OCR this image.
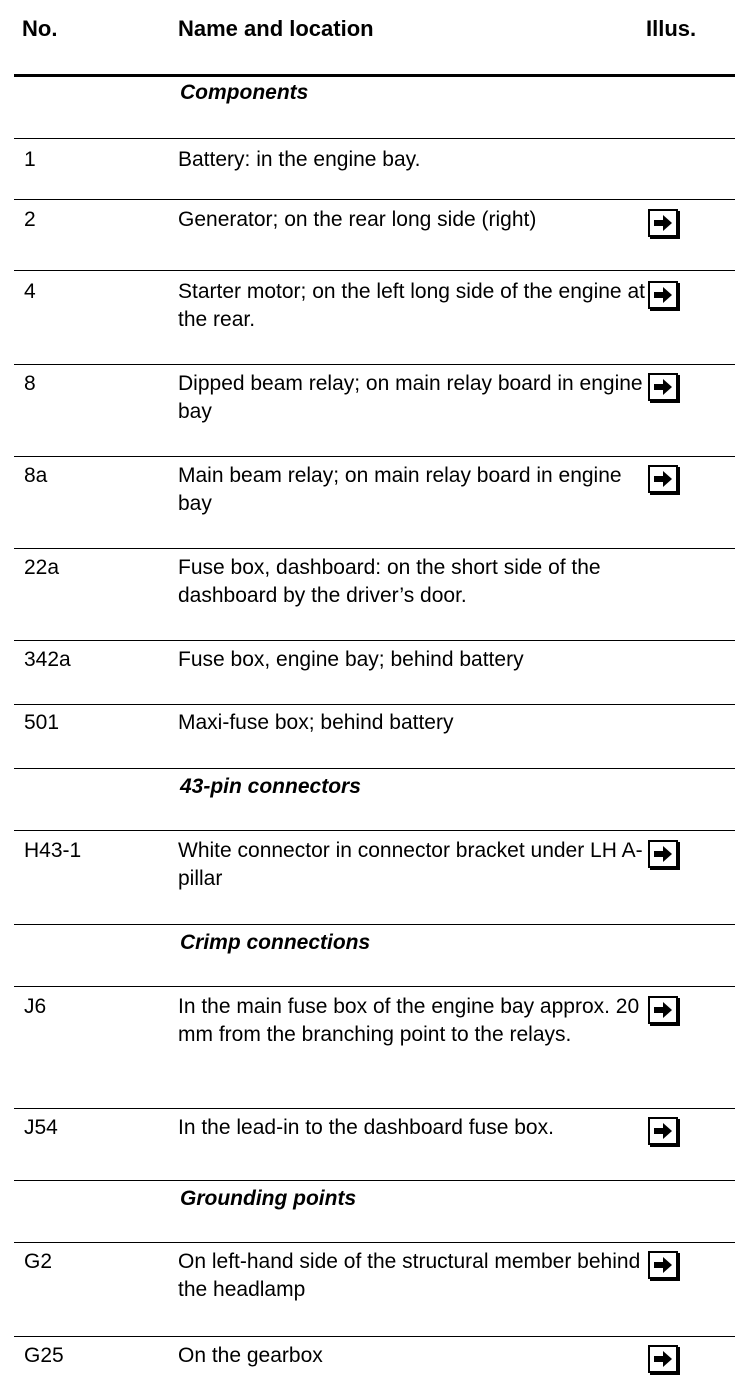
No.	Name and location	Illus.
Components
1	Battery: in the engine bay.
2	Generator; on the rear long side (right)
4	Starter motor; on the left long side of the engine at the rear.
8	Dipped beam relay; on main relay board in engine bay
8a	Main beam relay; on main relay board in engine bay
22a	Fuse box, dashboard: on the short side of the dashboard by the driver’s door.
342a	Fuse box, engine bay; behind battery
501	Maxi-fuse box; behind battery
43-pin connectors
H43-1	White connector in connector bracket under LH A-pillar
Crimp connections
J6	In the main fuse box of the engine bay approx. 20 mm from the branching point to the relays.
J54	In the lead-in to the dashboard fuse box.
Grounding points
G2	On left-hand side of the structural member behind the headlamp
G25	On the gearbox
